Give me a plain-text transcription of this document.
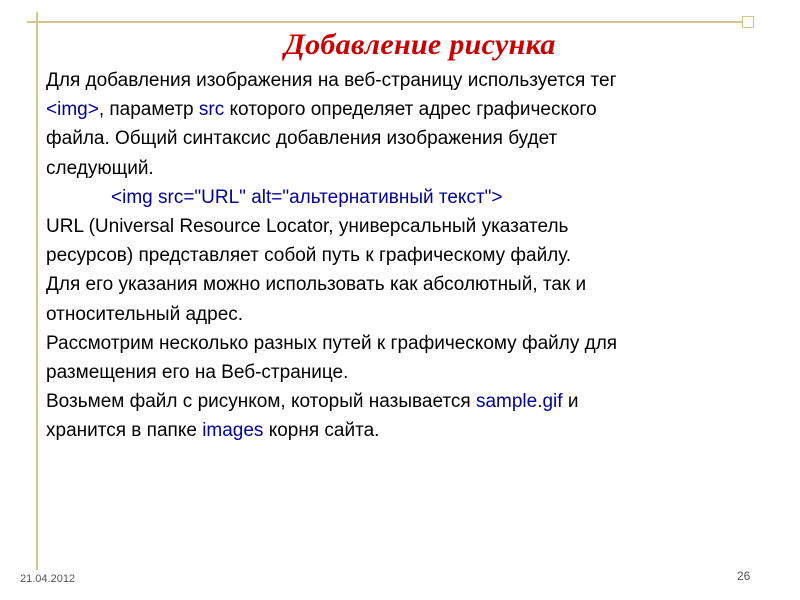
Добавление рисунка
Для добавления изображения на веб-страницу используется тег
<img>, параметр src которого определяет адрес графического
файла. Общий синтаксис добавления изображения будет
следующий.
<img src="URL" alt="альтернативный текст">
URL (Universal Resource Locator, универсальный указатель
ресурсов) представляет собой путь к графическому файлу.
Для его указания можно использовать как абсолютный, так и
относительный адрес.
Рассмотрим несколько разных путей к графическому файлу для
размещения его на Веб-странице.
Возьмем файл с рисунком, который называется sample.gif и
хранится в папке images корня сайта.
21.04.2012	26
